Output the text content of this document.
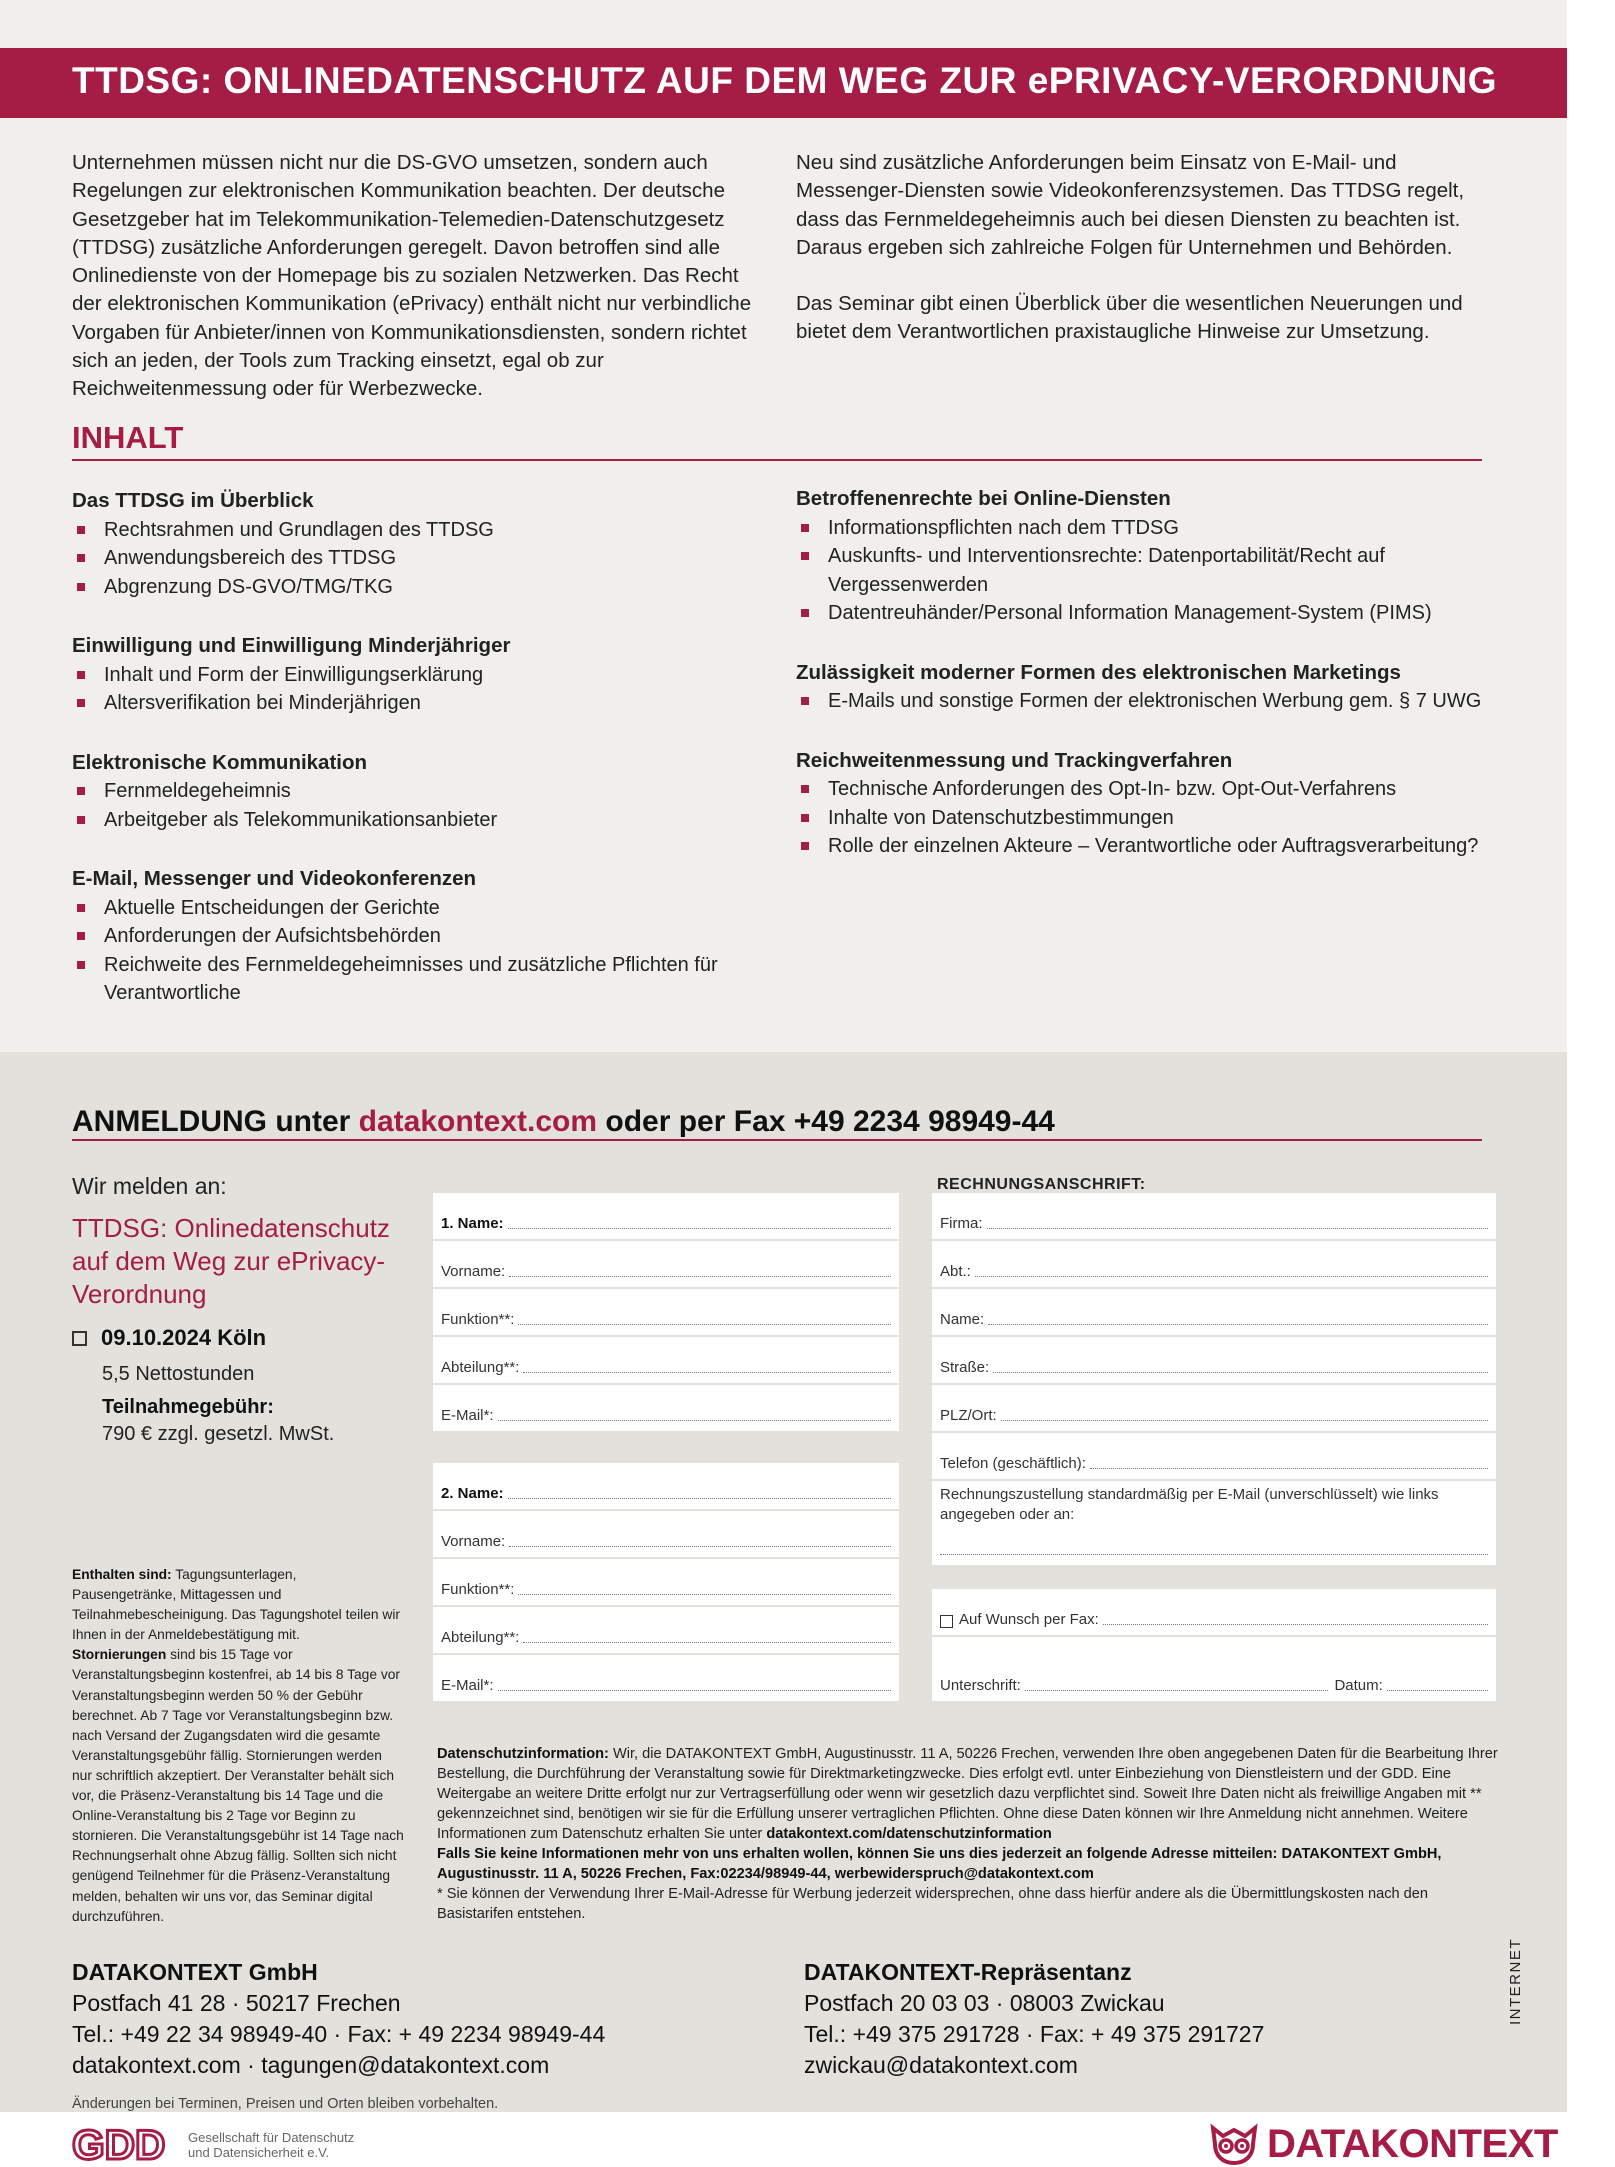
TTDSG: ONLINEDATENSCHUTZ AUF DEM WEG ZUR ePRIVACY-VERORDNUNG

Unternehmen müssen nicht nur die DS-GVO umsetzen, sondern auch Regelungen zur elektronischen Kommunikation beachten. Der deutsche Gesetzgeber hat im Telekommunikation-Telemedien-Datenschutzgesetz (TTDSG) zusätzliche Anforderungen geregelt. Davon betroffen sind alle Onlinedienste von der Homepage bis zu sozialen Netzwerken. Das Recht der elektronischen Kommunikation (ePrivacy) enthält nicht nur verbindliche Vorgaben für Anbieter/innen von Kommunikationsdiensten, sondern richtet sich an jeden, der Tools zum Tracking einsetzt, egal ob zur Reichweitenmessung oder für Werbezwecke.

Neu sind zusätzliche Anforderungen beim Einsatz von E-Mail- und Messenger-Diensten sowie Videokonferenzsystemen. Das TTDSG regelt, dass das Fernmeldegeheimnis auch bei diesen Diensten zu beachten ist. Daraus ergeben sich zahlreiche Folgen für Unternehmen und Behörden.

Das Seminar gibt einen Überblick über die wesentlichen Neuerungen und bietet dem Verantwortlichen praxistaugliche Hinweise zur Umsetzung.

INHALT
Das TTDSG im Überblick
Rechtsrahmen und Grundlagen des TTDSG
Anwendungsbereich des TTDSG
Abgrenzung DS-GVO/TMG/TKG
Einwilligung und Einwilligung Minderjähriger
Inhalt und Form der Einwilligungserklärung
Altersverifikation bei Minderjährigen
Elektronische Kommunikation
Fernmeldegeheimnis
Arbeitgeber als Telekommunikationsanbieter
E-Mail, Messenger und Videokonferenzen
Aktuelle Entscheidungen der Gerichte
Anforderungen der Aufsichtsbehörden
Reichweite des Fernmeldegeheimnisses und zusätzliche Pflichten für Verantwortliche
Betroffenenrechte bei Online-Diensten
Informationspflichten nach dem TTDSG
Auskunfts- und Interventionsrechte: Datenportabilität/Recht auf Vergessenwerden
Datentreuhänder/Personal Information Management-System (PIMS)
Zulässigkeit moderner Formen des elektronischen Marketings
E-Mails und sonstige Formen der elektronischen Werbung gem. § 7 UWG
Reichweitenmessung und Trackingverfahren
Technische Anforderungen des Opt-In- bzw. Opt-Out-Verfahrens
Inhalte von Datenschutzbestimmungen
Rolle der einzelnen Akteure – Verantwortliche oder Auftragsverarbeitung?
ANMELDUNG unter datakontext.com oder per Fax +49 2234 98949-44
Wir melden an:
TTDSG: Onlinedatenschutz auf dem Weg zur ePrivacy-Verordnung
09.10.2024 Köln
5,5 Nettostunden
Teilnahmegebühr:
790 € zzgl. gesetzl. MwSt.
Enthalten sind: Tagungsunterlagen, Pausengetränke, Mittagessen und Teilnahmebescheinigung. Das Tagungshotel teilen wir Ihnen in der Anmeldebestätigung mit.
Stornierungen sind bis 15 Tage vor Veranstaltungsbeginn kostenfrei, ab 14 bis 8 Tage vor Veranstaltungsbeginn werden 50 % der Gebühr berechnet. Ab 7 Tage vor Veranstaltungsbeginn bzw. nach Versand der Zugangsdaten wird die gesamte Veranstaltungsgebühr fällig. Stornierungen werden nur schriftlich akzeptiert. Der Veranstalter behält sich vor, die Präsenz-Veranstaltung bis 14 Tage und die Online-Veranstaltung bis 2 Tage vor Beginn zu stornieren. Die Veranstaltungsgebühr ist 14 Tage nach Rechnungserhalt ohne Abzug fällig. Sollten sich nicht genügend Teilnehmer für die Präsenz-Veranstaltung melden, behalten wir uns vor, das Seminar digital durchzuführen.
1. Name:
Vorname:
Funktion**:
Abteilung**:
E-Mail*:
2. Name:
Vorname:
Funktion**:
Abteilung**:
E-Mail*:
RECHNUNGSANSCHRIFT:
Firma:
Abt.:
Name:
Straße:
PLZ/Ort:
Telefon (geschäftlich):
Rechnungszustellung standardmäßig per E-Mail (unverschlüsselt) wie links angegeben oder an:
Auf Wunsch per Fax:
Unterschrift:	Datum:
Datenschutzinformation: Wir, die DATAKONTEXT GmbH, Augustinusstr. 11 A, 50226 Frechen, verwenden Ihre oben angegebenen Daten für die Bearbeitung Ihrer Bestellung, die Durchführung der Veranstaltung sowie für Direktmarketingzwecke. Dies erfolgt evtl. unter Einbeziehung von Dienstleistern und der GDD. Eine Weitergabe an weitere Dritte erfolgt nur zur Vertragserfüllung oder wenn wir gesetzlich dazu verpflichtet sind. Soweit Ihre Daten nicht als freiwillige Angaben mit ** gekennzeichnet sind, benötigen wir sie für die Erfüllung unserer vertraglichen Pflichten. Ohne diese Daten können wir Ihre Anmeldung nicht annehmen. Weitere Informationen zum Datenschutz erhalten Sie unter datakontext.com/datenschutzinformation
Falls Sie keine Informationen mehr von uns erhalten wollen, können Sie uns dies jederzeit an folgende Adresse mitteilen: DATAKONTEXT GmbH, Augustinusstr. 11 A, 50226 Frechen, Fax:02234/98949-44, werbewiderspruch@datakontext.com
* Sie können der Verwendung Ihrer E-Mail-Adresse für Werbung jederzeit widersprechen, ohne dass hierfür andere als die Übermittlungskosten nach den Basistarifen entstehen.
DATAKONTEXT GmbH
Postfach 41 28 · 50217 Frechen
Tel.: +49 22 34 98949-40 · Fax: + 49 2234 98949-44
datakontext.com · tagungen@datakontext.com
DATAKONTEXT-Repräsentanz
Postfach 20 03 03 · 08003 Zwickau
Tel.: +49 375 291728 · Fax: + 49 375 291727
zwickau@datakontext.com
INTERNET
Änderungen bei Terminen, Preisen und Orten bleiben vorbehalten.
GDD Gesellschaft für Datenschutz und Datensicherheit e.V.	DATAKONTEXT
